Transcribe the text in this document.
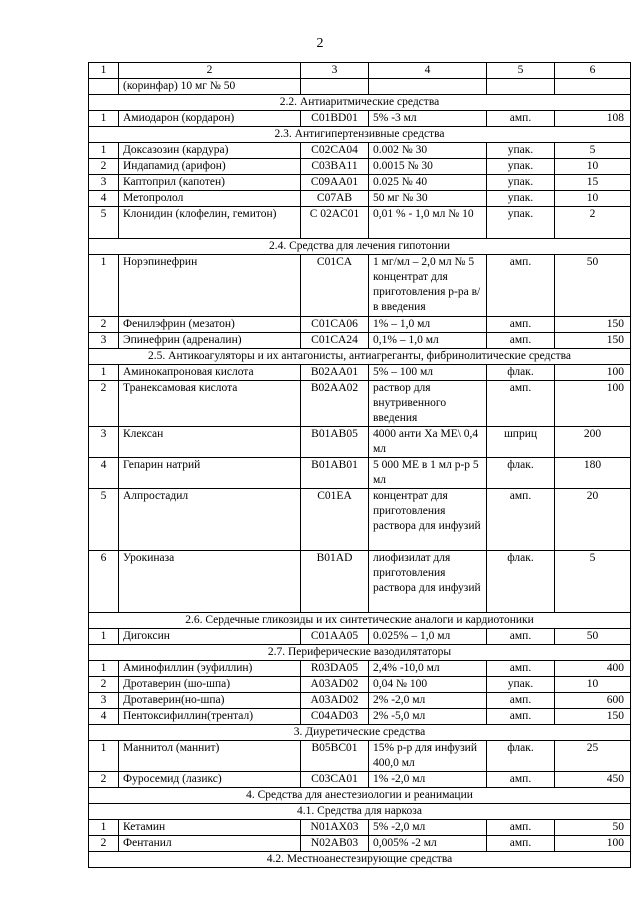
2
1	2	3	4	5	6
	(коринфар) 10 мг № 50				
2.2. Антиаритмические средства					
1	Амиодарон (кордарон)	C01BD01	5% -3 мл	амп.	108
2.3. Антигипертензивные средства					
1	Доксазозин (кардура)	C02CA04	0.002 № 30	упак.	5
2	Индапамид (арифон)	C03BA11	0.0015 № 30	упак.	10
3	Каптоприл (капотен)	C09AA01	0.025 № 40	упак.	15
4	Метопролол	C07AB	50 мг № 30	упак.	10
5	Клонидин (клофелин, гемитон)	C 02AC01	0,01 % - 1,0 мл № 10	упак.	2
2.4. Средства для лечения гипотонии					
1	Норэпинефрин	C01CA	1 мг/мл – 2,0 мл № 5 концентрат для приготовления р-ра в/в введения	амп.	50
2	Фенилэфрин (мезатон)	C01CA06	1% – 1,0 мл	амп.	150
3	Эпинефрин (адреналин)	C01CA24	0,1% – 1,0 мл	амп.	150
2.5. Антикоагуляторы и их антагонисты, антиагреганты, фибринолитические средства					
1	Аминокапроновая кислота	B02AA01	5% – 100 мл	флак.	100
2	Транексамовая кислота	B02AA02	раствор для внутривенного введения	амп.	100
3	Клексан	B01AB05	4000 анти Ха ME\ 0,4 мл	шприц	200
4	Гепарин натрий	B01AB01	5 000 МЕ в 1 мл р-р 5 мл	флак.	180
5	Алпростадил	C01EA	концентрат для приготовления раствора для инфузий	амп.	20
6	Урокиназа	B01AD	лиофизилат для приготовления раствора для инфузий	флак.	5
2.6. Сердечные гликозиды и их синтетические аналоги и кардиотоники					
1	Дигоксин	C01AA05	0.025% – 1,0 мл	амп.	50
2.7. Периферические вазодилятаторы					
1	Аминофиллин (эуфиллин)	R03DA05	2,4% -10,0 мл	амп.	400
2	Дротаверин (шо-шпа)	A03AD02	0,04 № 100	упак.	10
3	Дротаверин(но-шпа)	A03AD02	2% -2,0 мл	амп.	600
4	Пентоксифиллин(трентал)	C04AD03	2% -5,0 мл	амп.	150
3. Диуретические средства					
1	Маннитол (маннит)	B05BC01	15% р-р для инфузий 400,0 мл	флак.	25
2	Фуросемид (лазикс)	C03CA01	1% -2,0 мл	амп.	450
4. Средства для анестезиологии и реанимации					
4.1. Средства для наркоза					
1	Кетамин	N01AX03	5% -2,0 мл	амп.	50
2	Фентанил	N02AB03	0,005% -2 мл	амп.	100
4.2. Местноанестезирующие средства					
